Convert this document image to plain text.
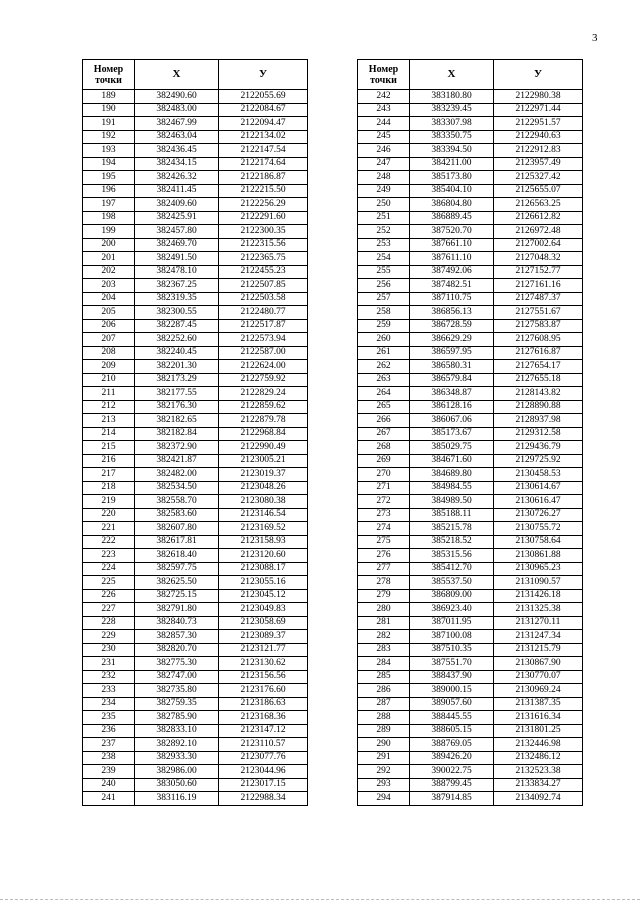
3
Номер
точки	X	У
189	382490.60	2122055.69
190	382483.00	2122084.67
191	382467.99	2122094.47
192	382463.04	2122134.02
193	382436.45	2122147.54
194	382434.15	2122174.64
195	382426.32	2122186.87
196	382411.45	2122215.50
197	382409.60	2122256.29
198	382425.91	2122291.60
199	382457.80	2122300.35
200	382469.70	2122315.56
201	382491.50	2122365.75
202	382478.10	2122455.23
203	382367.25	2122507.85
204	382319.35	2122503.58
205	382300.55	2122480.77
206	382287.45	2122517.87
207	382252.60	2122573.94
208	382240.45	2122587.00
209	382201.30	2122624.00
210	382173.29	2122759.92
211	382177.55	2122829.24
212	382176.30	2122859.62
213	382182.65	2122879.78
214	382182.84	2122968.84
215	382372.90	2122990.49
216	382421.87	2123005.21
217	382482.00	2123019.37
218	382534.50	2123048.26
219	382558.70	2123080.38
220	382583.60	2123146.54
221	382607.80	2123169.52
222	382617.81	2123158.93
223	382618.40	2123120.60
224	382597.75	2123088.17
225	382625.50	2123055.16
226	382725.15	2123045.12
227	382791.80	2123049.83
228	382840.73	2123058.69
229	382857.30	2123089.37
230	382820.70	2123121.77
231	382775.30	2123130.62
232	382747.00	2123156.56
233	382735.80	2123176.60
234	382759.35	2123186.63
235	382785.90	2123168.36
236	382833.10	2123147.12
237	382892.10	2123110.57
238	382933.30	2123077.76
239	382986.00	2123044.96
240	383050.60	2123017.15
241	383116.19	2122988.34
Номер
точки	X	У
242	383180.80	2122980.38
243	383239.45	2122971.44
244	383307.98	2122951.57
245	383350.75	2122940.63
246	383394.50	2122912.83
247	384211.00	2123957.49
248	385173.80	2125327.42
249	385404.10	2125655.07
250	386804.80	2126563.25
251	386889.45	2126612.82
252	387520.70	2126972.48
253	387661.10	2127002.64
254	387611.10	2127048.32
255	387492.06	2127152.77
256	387482.51	2127161.16
257	387110.75	2127487.37
258	386856.13	2127551.67
259	386728.59	2127583.87
260	386629.29	2127608.95
261	386597.95	2127616.87
262	386580.31	2127654.17
263	386579.84	2127655.18
264	386348.87	2128143.82
265	386128.16	2128890.88
266	386067.06	2128937.98
267	385173.67	2129312.58
268	385029.75	2129436.79
269	384671.60	2129725.92
270	384689.80	2130458.53
271	384984.55	2130614.67
272	384989.50	2130616.47
273	385188.11	2130726.27
274	385215.78	2130755.72
275	385218.52	2130758.64
276	385315.56	2130861.88
277	385412.70	2130965.23
278	385537.50	2131090.57
279	386809.00	2131426.18
280	386923.40	2131325.38
281	387011.95	2131270.11
282	387100.08	2131247.34
283	387510.35	2131215.79
284	387551.70	2130867.90
285	388437.90	2130770.07
286	389000.15	2130969.24
287	389057.60	2131387.35
288	388445.55	2131616.34
289	388605.15	2131801.25
290	388769.05	2132446.98
291	389426.20	2132486.12
292	390022.75	2132523.38
293	388799.45	2133834.27
294	387914.85	2134092.74
